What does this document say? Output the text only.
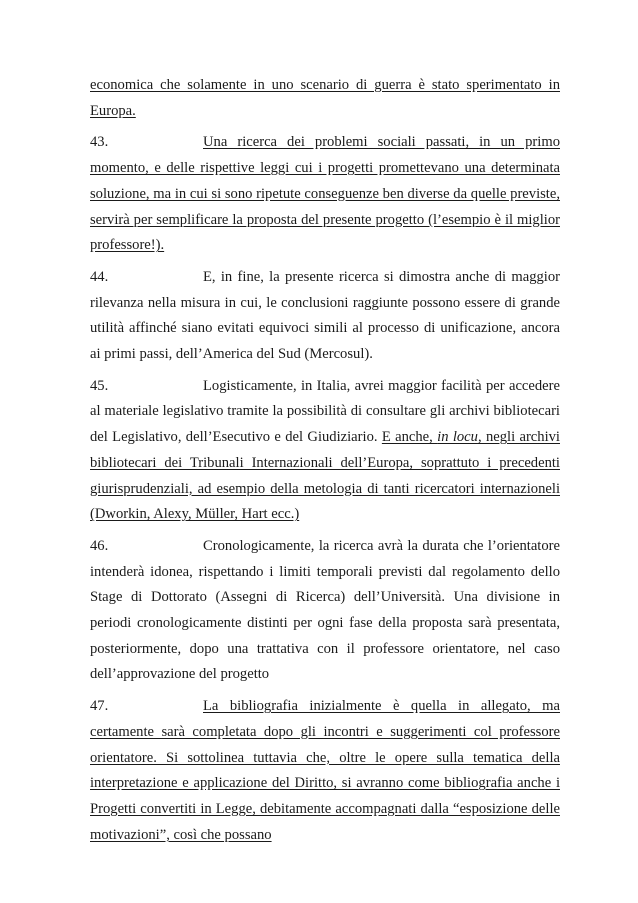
economica che solamente in uno scenario di guerra è stato sperimentato in Europa.

43.	Una ricerca dei problemi sociali passati, in un primo momento, e delle rispettive leggi cui i progetti promettevano una determinata soluzione, ma in cui si sono ripetute conseguenze ben diverse da quelle previste, servirà per semplificare la proposta del presente progetto (l’esempio è il miglior professore!).

44.	E, in fine, la presente ricerca si dimostra anche di maggior rilevanza nella misura in cui, le conclusioni raggiunte possono essere di grande utilità affinché siano evitati equivoci simili al processo di unificazione, ancora ai primi passi, dell’America del Sud (Mercosul).

45.	Logisticamente, in Italia, avrei maggior facilità per accedere al materiale legislativo tramite la possibilità di consultare gli archivi bibliotecari del Legislativo, dell’Esecutivo e del Giudiziario. E anche, in locu, negli archivi bibliotecari dei Tribunali Internazionali dell’Europa, soprattuto i precedenti giurisprudenziali, ad esempio della metologia di tanti ricercatori internazioneli (Dworkin, Alexy, Müller, Hart ecc.)

46.	Cronologicamente, la ricerca avrà la durata che l’orientatore intenderà idonea, rispettando i limiti temporali previsti dal regolamento dello Stage di Dottorato (Assegni di Ricerca) dell’Università. Una divisione in periodi cronologicamente distinti per ogni fase della proposta sarà presentata, posteriormente, dopo una trattativa con il professore orientatore, nel caso dell’approvazione del progetto

47.	La bibliografia inizialmente è quella in allegato, ma certamente sarà completata dopo gli incontri e suggerimenti col professore orientatore. Si sottolinea tuttavia che, oltre le opere sulla tematica della interpretazione e applicazione del Diritto, si avranno come bibliografia anche i Progetti convertiti in Legge, debitamente accompagnati dalla “esposizione delle motivazioni”, così che possano
